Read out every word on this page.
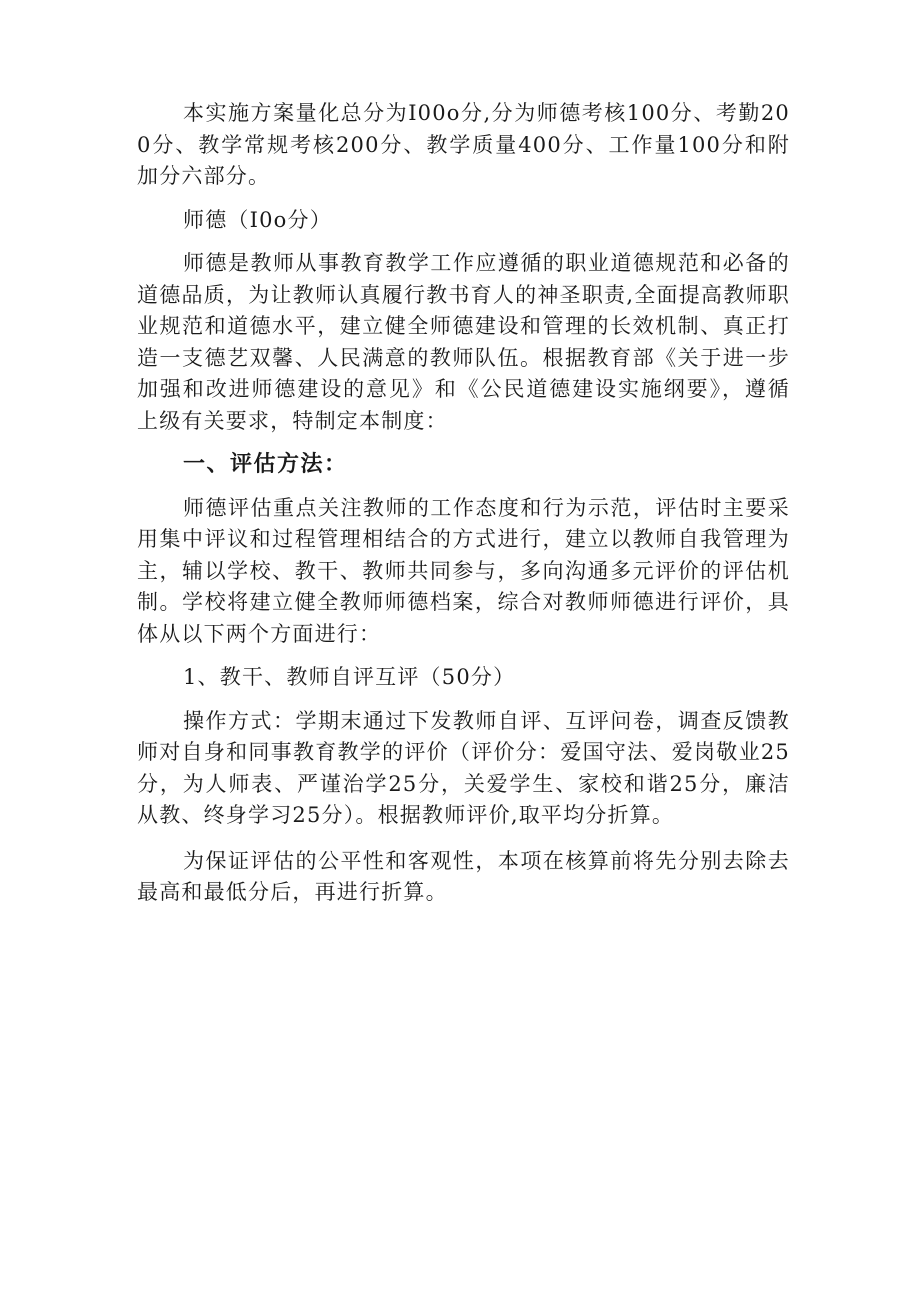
本实施方案量化总分为I00o分,分为师德考核100分、考勤200分、教学常规考核200分、教学质量400分、工作量100分和附加分六部分。

师德（I0o分）

师德是教师从事教育教学工作应遵循的职业道德规范和必备的道德品质，为让教师认真履行教书育人的神圣职责,全面提高教师职业规范和道德水平，建立健全师德建设和管理的长效机制、真正打造一支德艺双馨、人民满意的教师队伍。根据教育部《关于进一步加强和改进师德建设的意见》和《公民道德建设实施纲要》，遵循上级有关要求，特制定本制度：

一、评估方法：

师德评估重点关注教师的工作态度和行为示范，评估时主要采用集中评议和过程管理相结合的方式进行，建立以教师自我管理为主，辅以学校、教干、教师共同参与，多向沟通多元评价的评估机制。学校将建立健全教师师德档案，综合对教师师德进行评价，具体从以下两个方面进行：

1、教干、教师自评互评（50分）

操作方式：学期末通过下发教师自评、互评问卷，调查反馈教师对自身和同事教育教学的评价（评价分：爱国守法、爱岗敬业25分，为人师表、严谨治学25分，关爱学生、家校和谐25分，廉洁从教、终身学习25分）。根据教师评价,取平均分折算。

为保证评估的公平性和客观性，本项在核算前将先分别去除去最高和最低分后，再进行折算。
